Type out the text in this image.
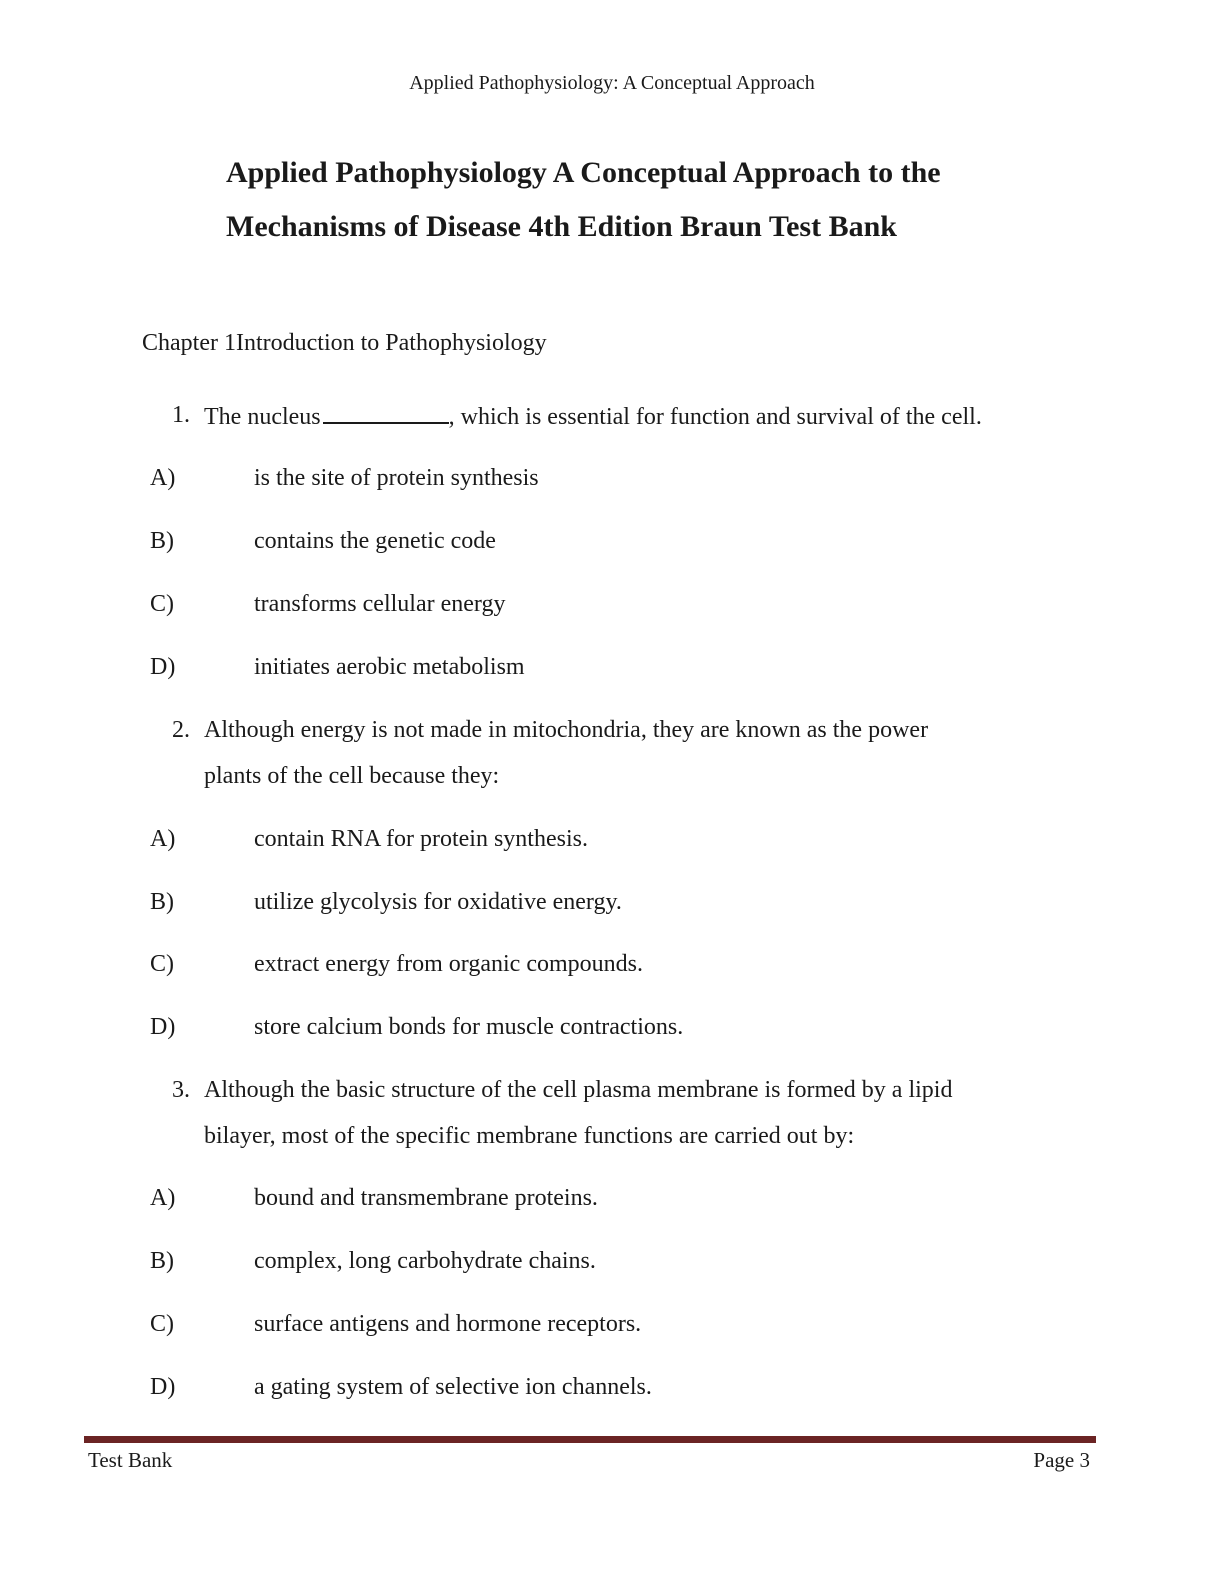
Applied Pathophysiology: A Conceptual Approach
Applied Pathophysiology A Conceptual Approach to the
Mechanisms of Disease 4th Edition Braun Test Bank
Chapter 1Introduction to Pathophysiology
1. The nucleus	, which is essential for function and survival of the cell.
A)	is the site of protein synthesis
B)	contains the genetic code
C)	transforms cellular energy
D)	initiates aerobic metabolism
2. Although energy is not made in mitochondria, they are known as the power
plants of the cell because they:
A)	contain RNA for protein synthesis.
B)	utilize glycolysis for oxidative energy.
C)	extract energy from organic compounds.
D)	store calcium bonds for muscle contractions.
3. Although the basic structure of the cell plasma membrane is formed by a lipid
bilayer, most of the specific membrane functions are carried out by:
A)	bound and transmembrane proteins.
B)	complex, long carbohydrate chains.
C)	surface antigens and hormone receptors.
D)	a gating system of selective ion channels.
Test Bank	Page 3
